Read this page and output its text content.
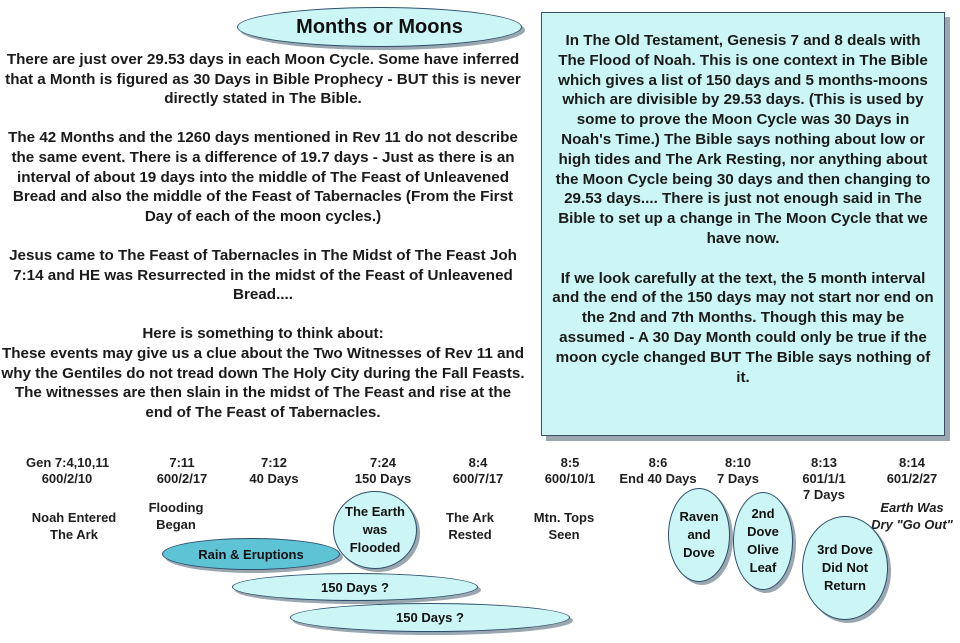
Months or Moons

There are just over 29.53 days in each Moon Cycle. Some have inferred that a Month is figured as 30 Days in Bible Prophecy - BUT this is never directly stated in The Bible.

The 42 Months and the 1260 days mentioned in Rev 11 do not describe the same event. There is a difference of 19.7 days - Just as there is an interval of about 19 days into the middle of The Feast of Unleavened Bread and also the middle of the Feast of Tabernacles (From the First Day of each of the moon cycles.)

Jesus came to The Feast of Tabernacles in The Midst of The Feast Joh 7:14 and HE was Resurrected in the midst of the Feast of Unleavened Bread....

Here is something to think about:
These events may give us a clue about the Two Witnesses of Rev 11 and why the Gentiles do not tread down The Holy City during the Fall Feasts. The witnesses are then slain in the midst of The Feast and rise at the end of The Feast of Tabernacles.

In The Old Testament, Genesis 7 and 8 deals with The Flood of Noah. This is one context in The Bible which gives a list of 150 days and 5 months-moons which are divisible by 29.53 days. (This is used by some to prove the Moon Cycle was 30 Days in Noah's Time.) The Bible says nothing about low or high tides and The Ark Resting, nor anything about the Moon Cycle being 30 days and then changing to 29.53 days.... There is just not enough said in The Bible to set up a change in The Moon Cycle that we have now.

If we look carefully at the text, the 5 month interval and the end of the 150 days may not start nor end on the 2nd and 7th Months. Though this may be assumed - A 30 Day Month could only be true if the moon cycle changed BUT The Bible says nothing of it.

Gen 7:4,10,11
600/2/10
7:11
600/2/17
7:12
40 Days
7:24
150 Days
8:4
600/7/17
8:5
600/10/1
8:6
End 40 Days
8:10
7 Days
8:13
601/1/1
7 Days
8:14
601/2/27
Noah Entered The Ark
Flooding Began	The Ark Rested
Mtn. Tops Seen
Earth Was Dry "Go Out"
The Earth was Flooded
Raven and Dove
2nd Dove Olive Leaf
3rd Dove Did Not Return
Rain & Eruptions
150 Days ?
150 Days ?
